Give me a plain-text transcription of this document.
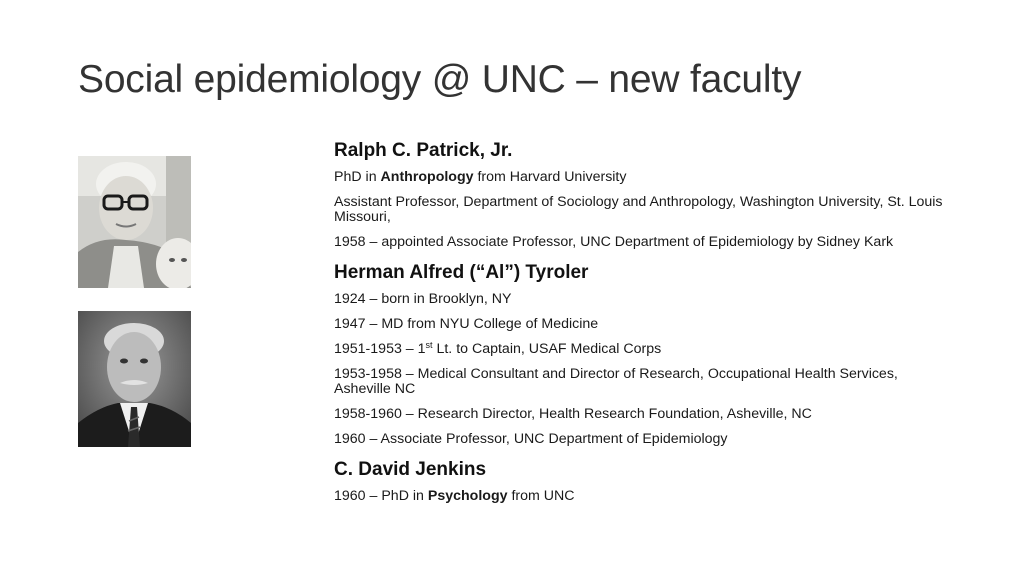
Social epidemiology @ UNC – new faculty
Ralph C. Patrick, Jr.
PhD in Anthropology from Harvard University
Assistant Professor, Department of Sociology and Anthropology, Washington University, St. Louis Missouri,
1958 – appointed Associate Professor, UNC Department of Epidemiology by Sidney Kark
Herman Alfred (“Al”) Tyroler
1924 – born in Brooklyn, NY
1947 – MD from NYU College of Medicine
1951-1953 – 1st Lt. to Captain, USAF Medical Corps
1953-1958 – Medical Consultant and Director of Research, Occupational Health Services, Asheville NC
1958-1960 – Research Director, Health Research Foundation, Asheville, NC
1960 – Associate Professor, UNC Department of Epidemiology
C. David Jenkins
1960 – PhD in Psychology from UNC
